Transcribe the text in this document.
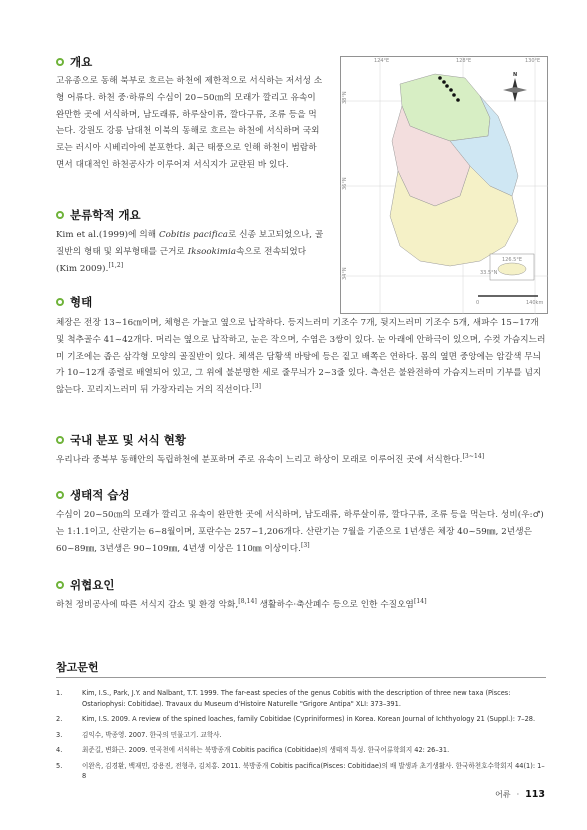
개요
고유종으로 동해 북부로 흐르는 하천에 제한적으로 서식하는 저서성 소형 어류다. 하천 중·하류의 수심이 20~50㎝의 모래가 깔리고 유속이 완만한 곳에 서식하며, 남도래류, 하루살이류, 깔다구류, 조류 등을 먹는다. 강원도 강릉 남대천 이북의 동해로 흐르는 하천에 서식하며 국외로는 러시아 시베리아에 분포한다. 최근 태풍으로 인해 하천이 범람하면서 대대적인 하천공사가 이루어져 서식지가 교란된 바 있다.
124°E	128°E	130°E
38°N
36°N
34°N
N
126.5°E
33.5°N
0	140km
분류학적 개요
Kim et al.(1999)에 의해 Cobitis pacifica로 신종 보고되었으나, 골질반의 형태 및 외부형태를 근거로 Iksookimia속으로 전속되었다(Kim 2009).[1,2]
형태
체장은 전장 13~16㎝이며, 체형은 가늘고 옆으로 납작하다. 등지느러미 기조수 7개, 뒷지느러미 기조수 5개, 새파수 15~17개 및 척추골수 41~42개다. 머리는 옆으로 납작하고, 눈은 작으며, 수염은 3쌍이 있다. 눈 아래에 안하극이 있으며, 수컷 가슴지느러미 기조에는 좁은 삼각형 모양의 골질반이 있다. 체색은 담황색 바탕에 등은 짙고 배쪽은 연하다. 몸의 옆면 중앙에는 암갈색 무늬가 10~12개 종렬로 배열되어 있고, 그 위에 불분명한 세로 줄무늬가 2~3줄 있다. 측선은 불완전하여 가슴지느러미 기부를 넘지 않는다. 꼬리지느러미 뒤 가장자리는 거의 직선이다.[3]
국내 분포 및 서식 현황
우리나라 중북부 동해안의 독립하천에 분포하며 주로 유속이 느리고 하상이 모래로 이루어진 곳에 서식한다.[3~14]
생태적 습성
수심이 20~50㎝의 모래가 깔리고 유속이 완만한 곳에 서식하며, 남도래류, 하루살이류, 깔다구류, 조류 등을 먹는다. 성비(우:♂)는 1:1.1이고, 산란기는 6~8월이며, 포란수는 257~1,206개다. 산란기는 7월을 기준으로 1년생은 체장 40~59㎜, 2년생은 60~89㎜, 3년생은 90~109㎜, 4년생 이상은 110㎜ 이상이다.[3]
위협요인
하천 정비공사에 따른 서식지 감소 및 환경 악화,[8,14] 생활하수·축산폐수 등으로 인한 수질오염[14]
참고문헌
1.	Kim, I.S., Park, J.Y. and Nalbant, T.T. 1999. The far-east species of the genus Cobitis with the description of three new taxa (Pisces: Ostariophysi: Cobitidae). Travaux du Museum d'Histoire Naturelle "Grigore Antipa" XLI: 373–391.
2.	Kim, I.S. 2009. A review of the spined loaches, family Cobitidae (Cypriniformes) in Korea. Korean Journal of Ichthyology 21 (Suppl.): 7–28.
3.	김익수, 박종영. 2007. 한국의 민물고기. 교학사.
4.	최준길, 변화근. 2009. 연곡천에 서식하는 북방종개 Cobitis pacifica (Cobitidae)의 생태적 특성. 한국어류학회지 42: 26–31.
5.	이완옥, 김경환, 백재민, 강용진, 전형주, 김치홍. 2011. 북방종개 Cobitis pacifica(Pisces: Cobitidae)의 배 발생과 초기생활사. 한국하천호수학회지 44(1): 1–8
어류 · 113
